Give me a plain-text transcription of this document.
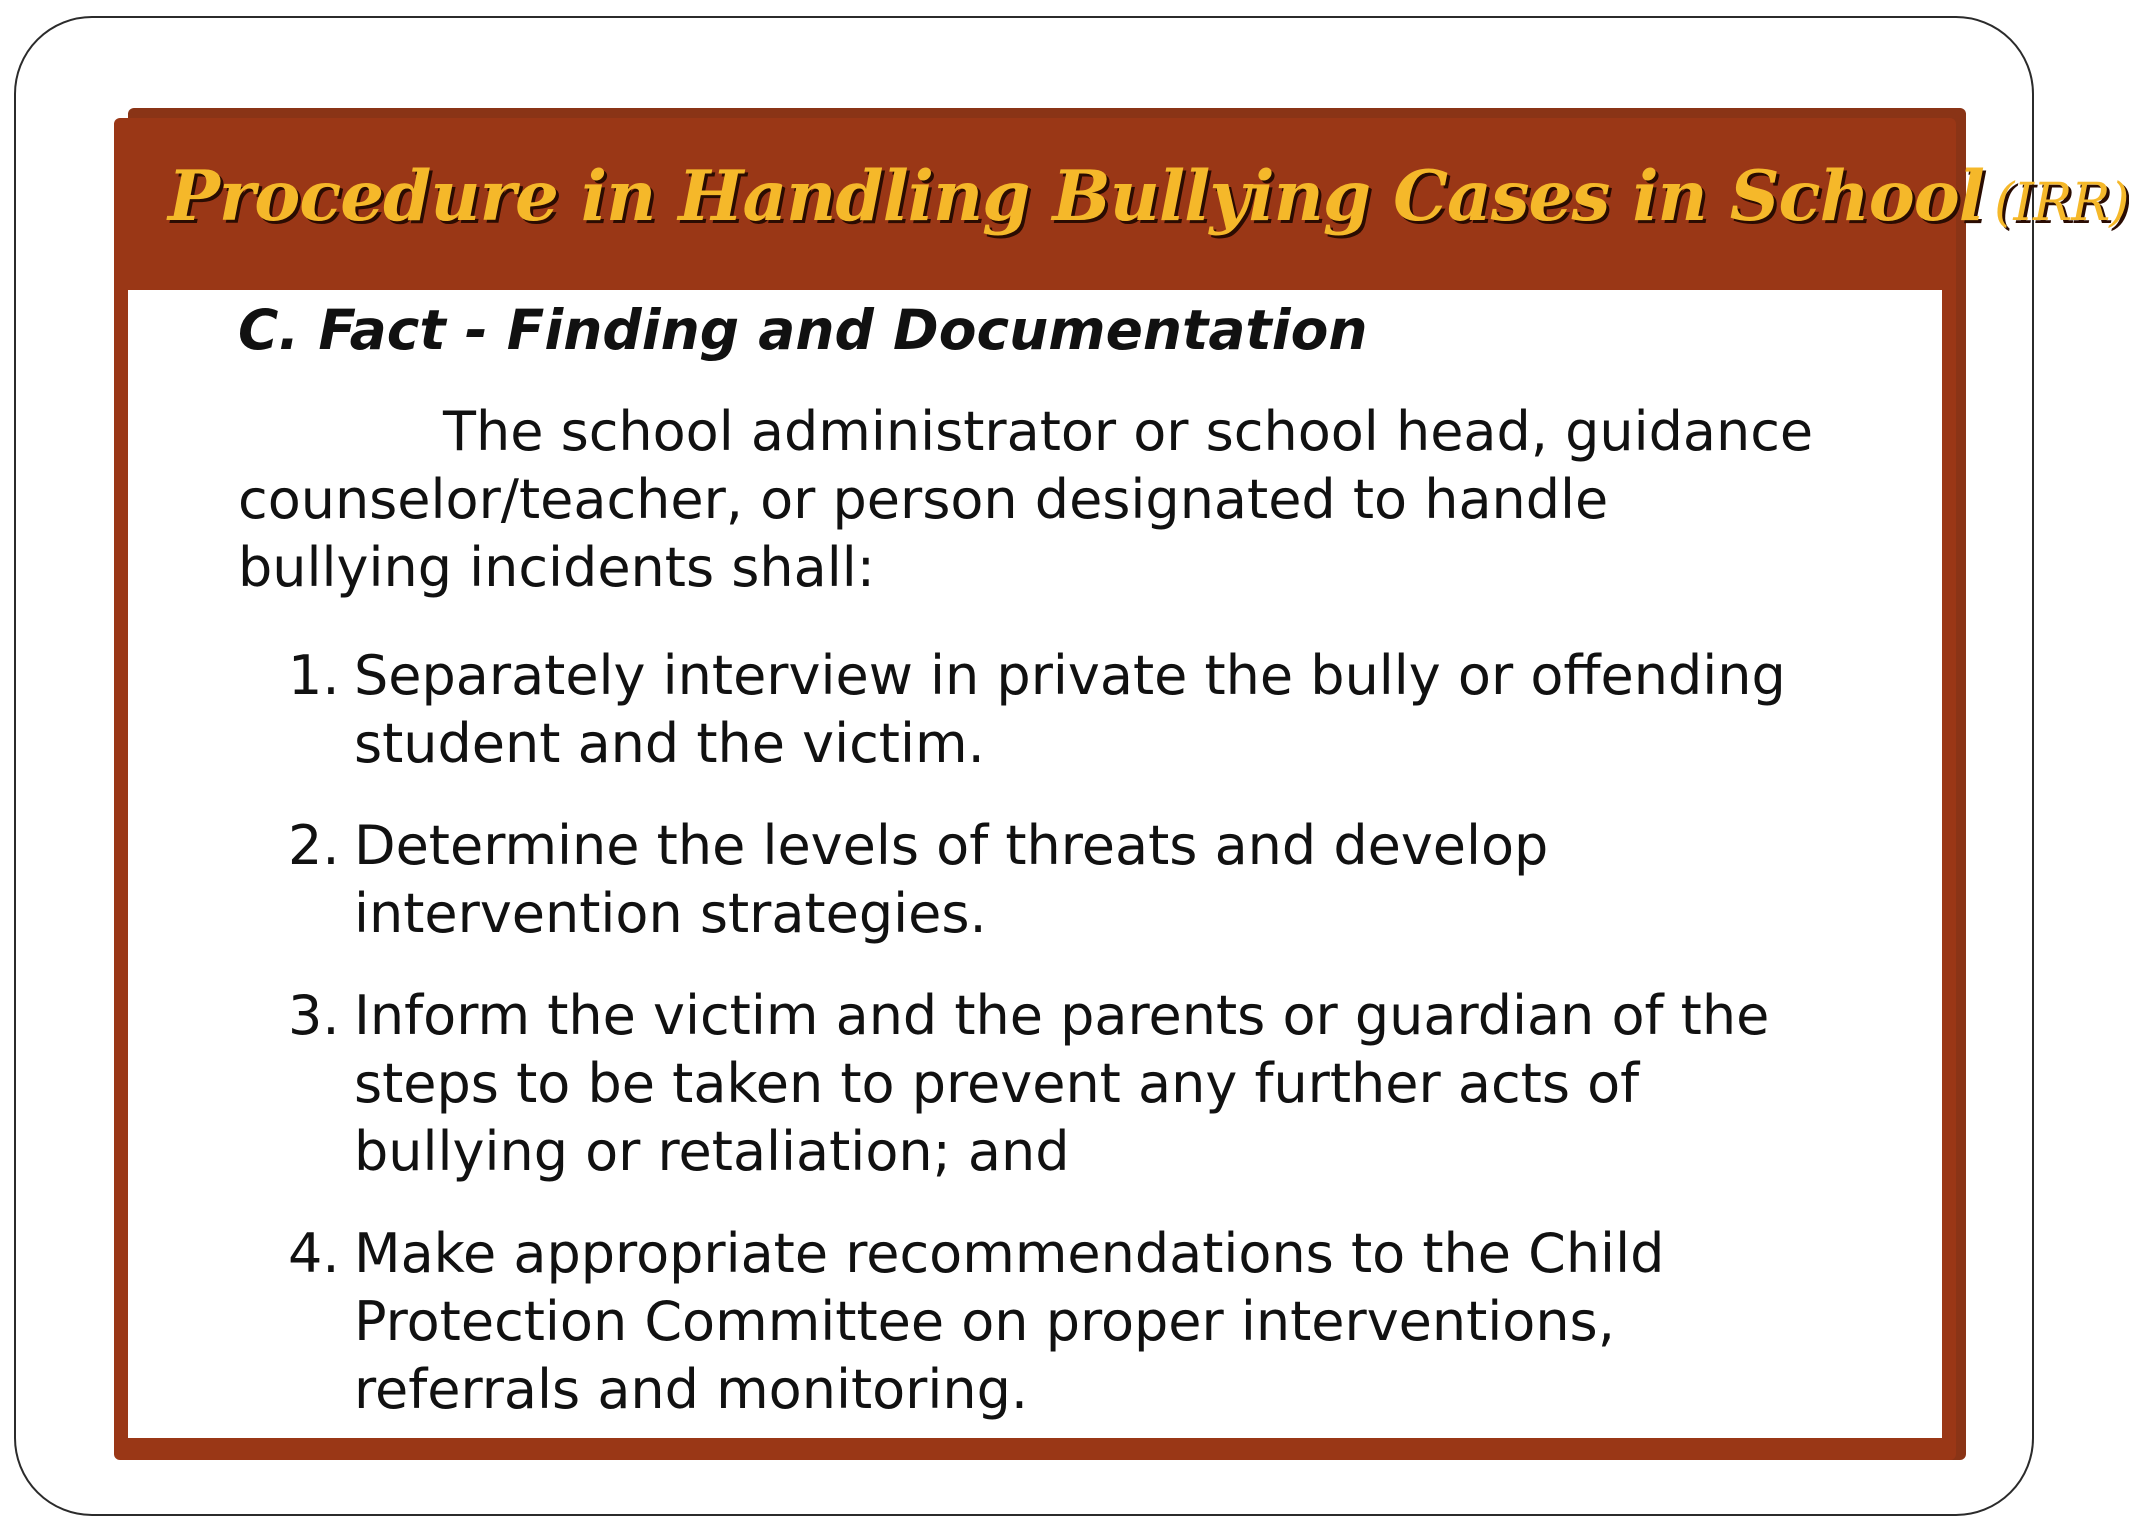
Procedure in Handling Bullying Cases in School (IRR)
C. Fact - Finding and Documentation

The school administrator or school head, guidance
counselor/teacher, or person designated to handle
bullying incidents shall:

1. Separately interview in private the bully or offending
student and the victim.
2. Determine the levels of threats and develop
intervention strategies.
3. Inform the victim and the parents or guardian of the
steps to be taken to prevent any further acts of
bullying or retaliation; and
4. Make appropriate recommendations to the Child
Protection Committee on proper interventions,
referrals and monitoring.
